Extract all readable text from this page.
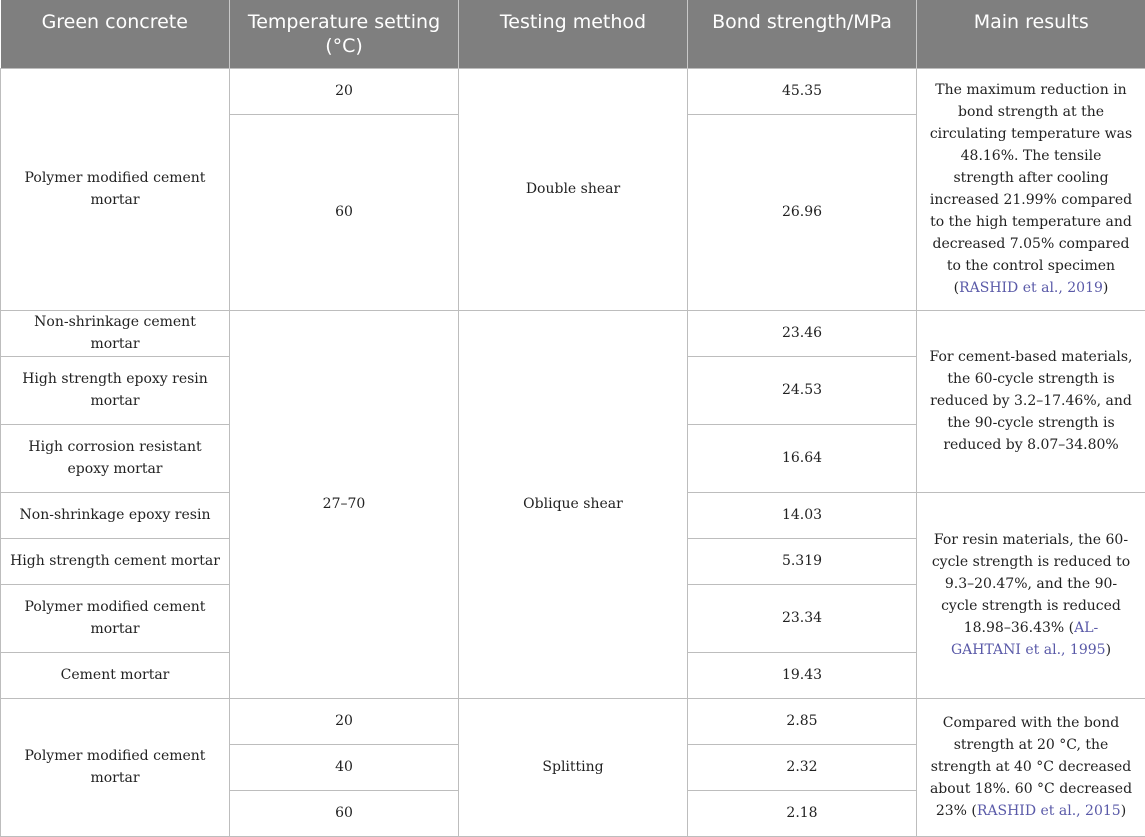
Green concrete	Temperature setting (°C)	Testing method	Bond strength/MPa	Main results
Polymer modified cement mortar	20	Double shear	45.35	The maximum reduction in bond strength at the circulating temperature was 48.16%. The tensile strength after cooling increased 21.99% compared to the high temperature and decreased 7.05% compared to the control specimen (RASHID et al., 2019)
	60		26.96	
Non-shrinkage cement mortar	27–70	Oblique shear	23.46	For cement-based materials, the 60-cycle strength is reduced by 3.2–17.46%, and the 90-cycle strength is reduced by 8.07–34.80%
High strength epoxy resin mortar			24.53	
High corrosion resistant epoxy mortar			16.64	
Non-shrinkage epoxy resin			14.03	For resin materials, the 60-cycle strength is reduced to 9.3–20.47%, and the 90-cycle strength is reduced 18.98–36.43% (AL-GAHTANI et al., 1995)
High strength cement mortar			5.319	
Polymer modified cement mortar			23.34	
Cement mortar			19.43	
Polymer modified cement mortar	20	Splitting	2.85	Compared with the bond strength at 20 °C, the strength at 40 °C decreased about 18%. 60 °C decreased 23% (RASHID et al., 2015)
	40		2.32	
	60		2.18	
